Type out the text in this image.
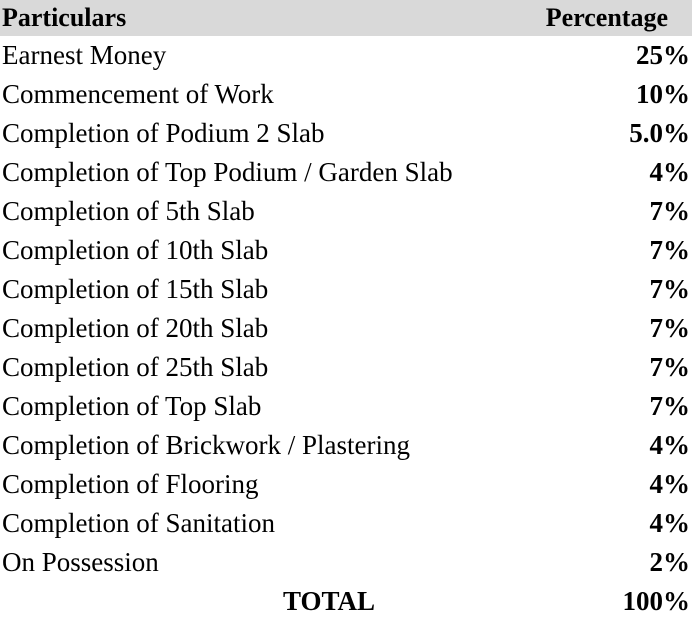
Particulars	Percentage
Earnest Money	25%
Commencement of Work	10%
Completion of Podium 2 Slab	5.0%
Completion of Top Podium / Garden Slab	4%
Completion of 5th Slab	7%
Completion of 10th Slab	7%
Completion of 15th Slab	7%
Completion of 20th Slab	7%
Completion of 25th Slab	7%
Completion of Top Slab	7%
Completion of Brickwork / Plastering	4%
Completion of Flooring	4%
Completion of Sanitation	4%
On Possession	2%
TOTAL	100%
